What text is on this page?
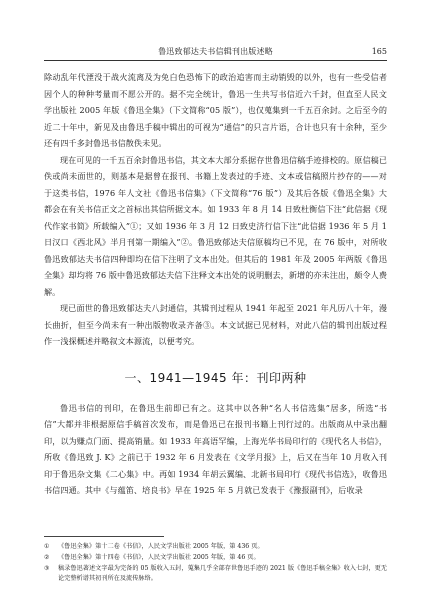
鲁迅致郁达夫书信辑刊出版述略	165

除动乱年代湮没于战火流离及为免白色恐怖下的政治追害而主动销毁的以外，也有一些受信者因个人的种种考量而不愿公开的。据不完全统计，鲁迅一生共写书信近六千封，但直至人民文学出版社 2005 年版《鲁迅全集》（下文简称“05 版”），也仅蒐集到一千五百余封。之后至今的近二十年中，新见及由鲁迅手稿中辑出的可视为“通信”的只言片语，合计也只有十余种，至少还有四千多封鲁迅书信散佚未见。

现在可见的一千五百余封鲁迅书信，其文本大部分系据存世鲁迅信稿手迹排校的。原信稿已佚或尚未面世的，则基本是据曾在报刊、书籍上发表过的手迹、文本或信稿照片抄存的——对于这类书信，1976 年人文社《鲁迅书信集》（下文简称“76 版”）及其后各版《鲁迅全集》大都会在有关书信正文之首标出其信所据文本。如 1933 年 8 月 14 日致杜衡信下注“此信据《现代作家书简》所载编入”①；又如 1936 年 3 月 12 日致史济行信下注“此信据 1936 年 5 月 1 日汉口《西北风》半月刊第一期编入”②。鲁迅致郁达夫信原稿均已不见，在 76 版中，对所收鲁迅致郁达夫书信四种即均在信下注明了文本出处。但其后的 1981 年及 2005 年两版《鲁迅全集》却均将 76 版中鲁迅致郁达夫信下注释文本出处的说明删去，新增的亦未注出，颇令人费解。

现已面世的鲁迅致郁达夫八封通信，其辑刊过程从 1941 年起至 2021 年凡历八十年，漫长曲折，但至今尚未有一种出版物收录齐备③。本文试据已见材料，对此八信的辑刊出版过程作一浅探概述并略叙文本源流，以便考究。

一、1941—1945 年：刊印两种

鲁迅书信的刊印，在鲁迅生前即已有之。这其中以各种“名人书信选集”居多，所选“书信”大都并非根据原信手稿首次发布，而是鲁迅已在报刊书籍上刊行过的。出版商从中录出翻印，以为赚点门面、提高销量。如 1933 年高语罕编，上海光华书局印行的《现代名人书信》，所收《鲁迅致 J. K》之前已于 1932 年 6 月发表在《文学月报》上，后又在当年 10 月收入刊印于鲁迅杂文集《二心集》中。再如 1934 年胡云翼编、北新书局印行《现代书信选》，收鲁迅书信四通。其中《与蕴笛、培良书》早在 1925 年 5 月就已发表于《豫报副刊》，后收录

①	《鲁迅全集》第十二卷《书信》，人民文学出版社 2005 年版，第 436 页。
②	《鲁迅全集》第十四卷《书信》，人民文学出版社 2005 年版，第 46 页。
③	稿录鲁迅著述文字最为完备的 05 版收入五封，蒐集几乎全部存世鲁迅手迹的 2021 版《鲁迅手稿全集》收入七封，更无论完整析谱其初刊所在及流传脉络。
